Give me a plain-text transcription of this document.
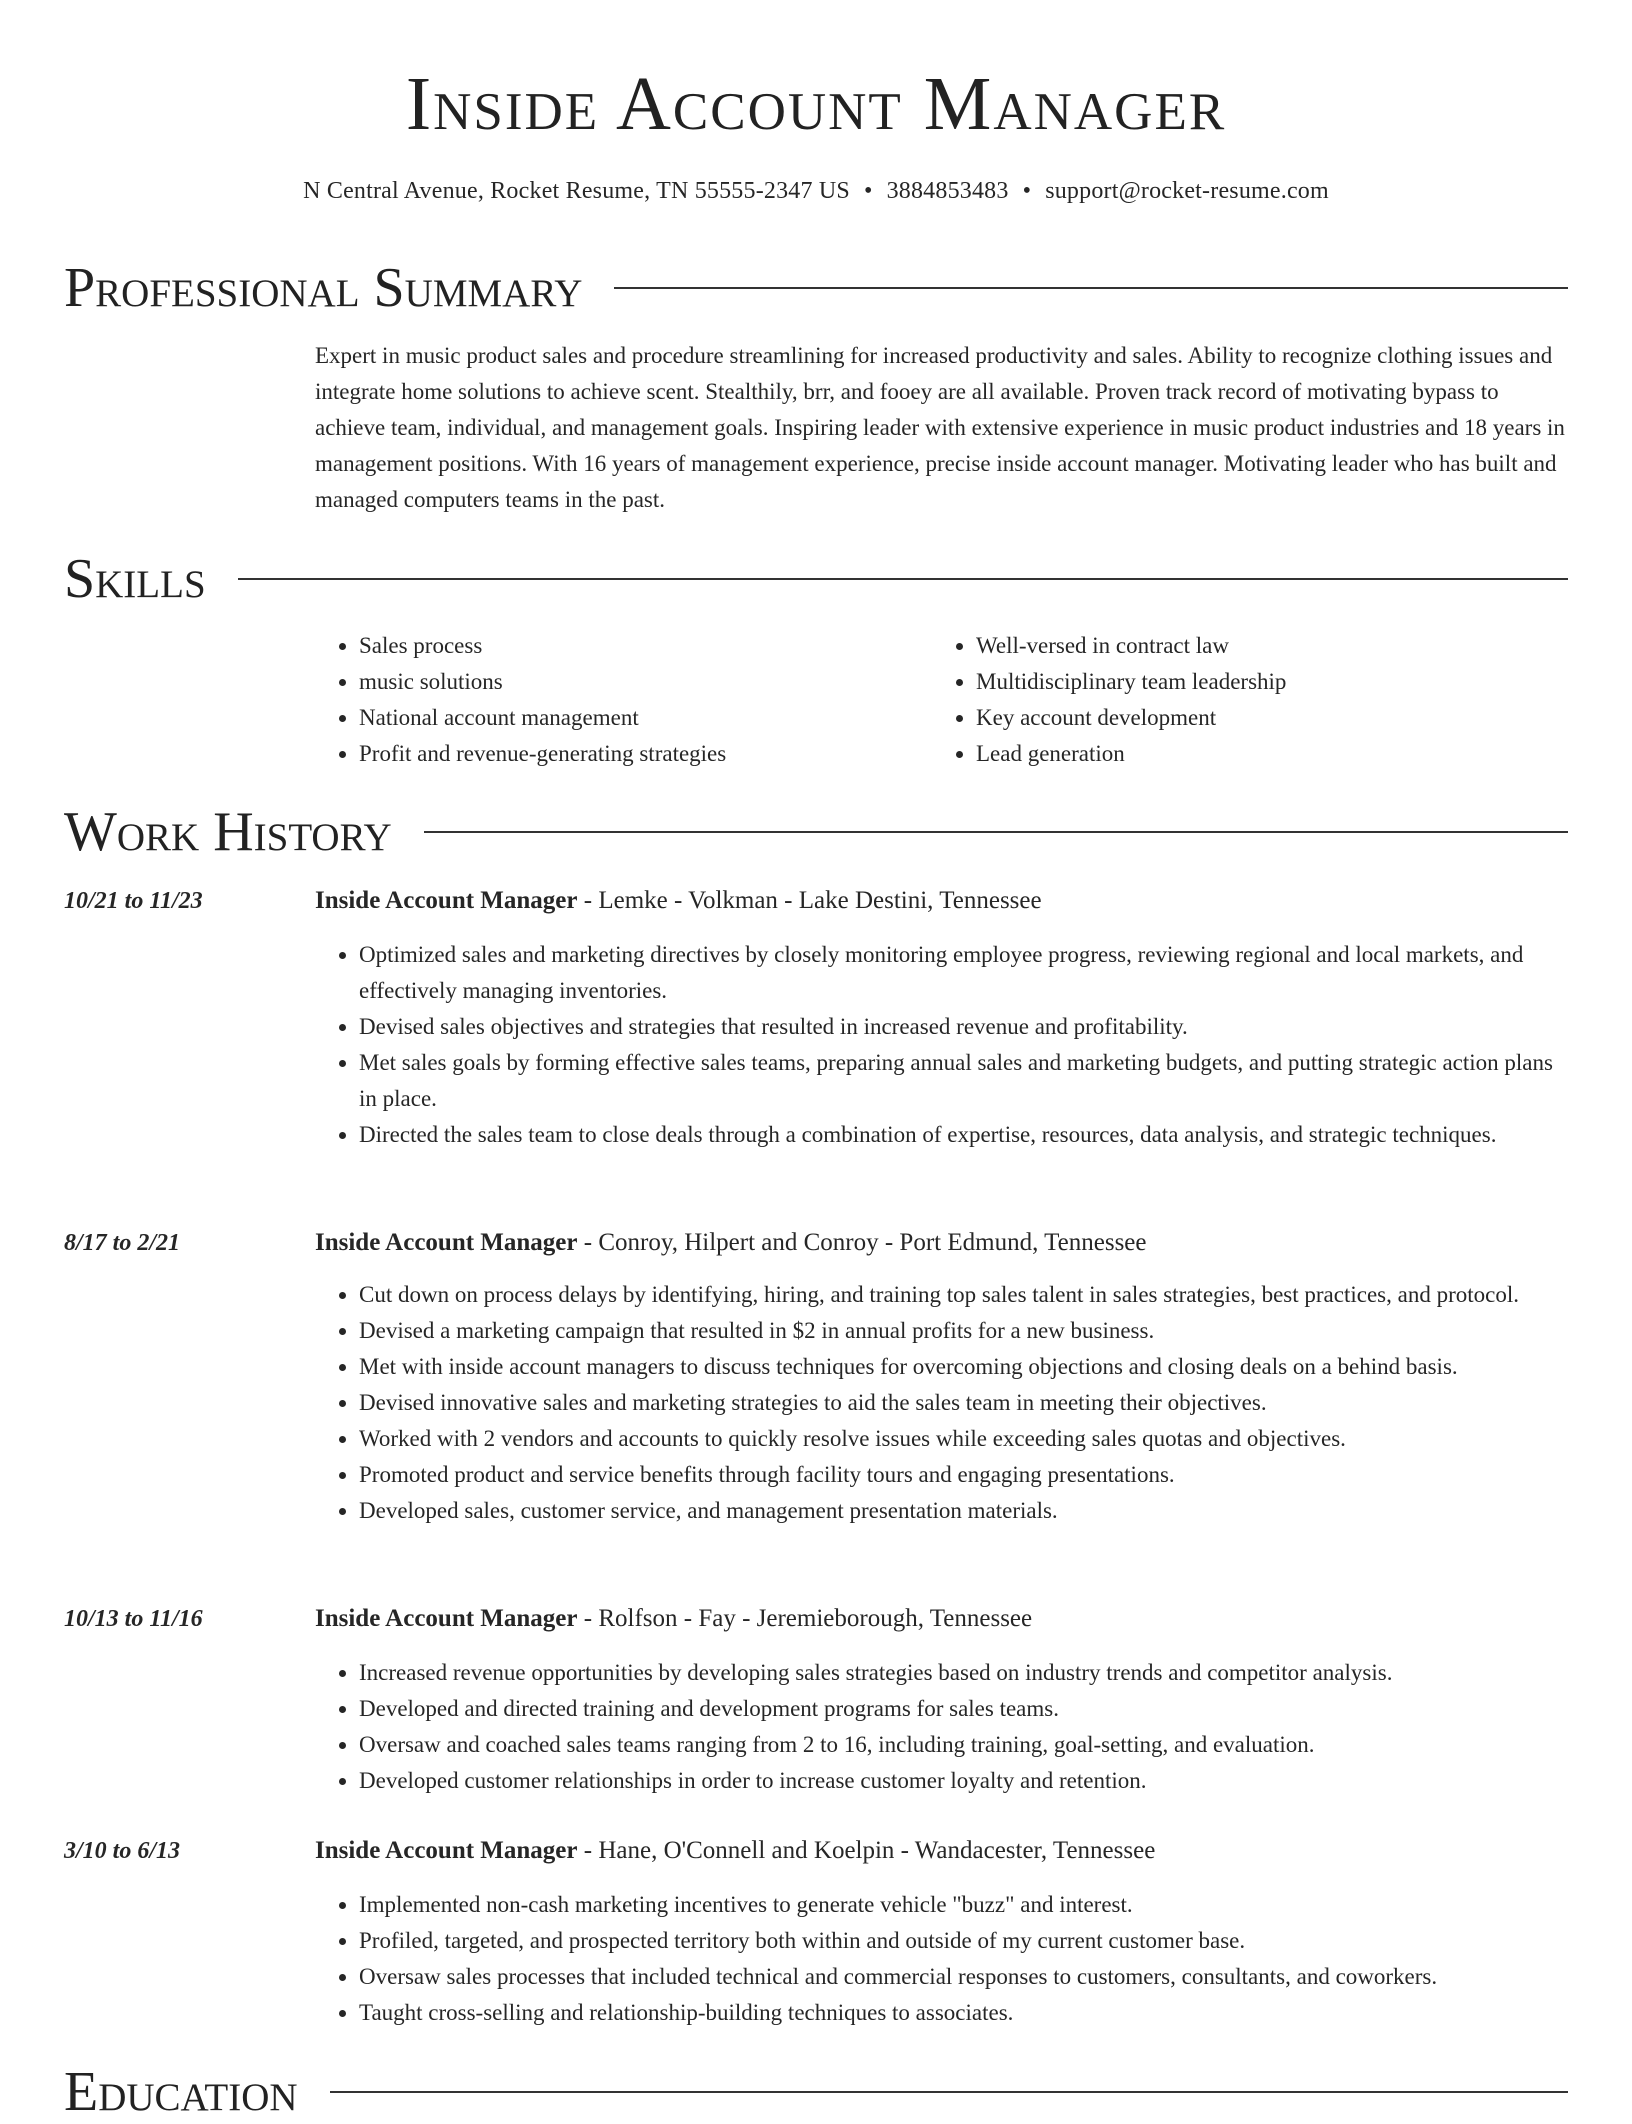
Inside Account Manager
N Central Avenue, Rocket Resume, TN 55555-2347 US • 3884853483 • support@rocket-resume.com
Professional Summary

Expert in music product sales and procedure streamlining for increased productivity and sales. Ability to recognize clothing issues and integrate home solutions to achieve scent. Stealthily, brr, and fooey are all available. Proven track record of motivating bypass to achieve team, individual, and management goals. Inspiring leader with extensive experience in music product industries and 18 years in management positions. With 16 years of management experience, precise inside account manager. Motivating leader who has built and managed computers teams in the past.

Skills
• Sales process
• music solutions
• National account management
• Profit and revenue-generating strategies
• Well-versed in contract law
• Multidisciplinary team leadership
• Key account development
• Lead generation
Work History
10/21 to 11/23	Inside Account Manager - Lemke - Volkman - Lake Destini, Tennessee
• Optimized sales and marketing directives by closely monitoring employee progress, reviewing regional and local markets, and effectively managing inventories.
• Devised sales objectives and strategies that resulted in increased revenue and profitability.
• Met sales goals by forming effective sales teams, preparing annual sales and marketing budgets, and putting strategic action plans in place.
• Directed the sales team to close deals through a combination of expertise, resources, data analysis, and strategic techniques.
8/17 to 2/21	Inside Account Manager - Conroy, Hilpert and Conroy - Port Edmund, Tennessee
• Cut down on process delays by identifying, hiring, and training top sales talent in sales strategies, best practices, and protocol.
• Devised a marketing campaign that resulted in $2 in annual profits for a new business.
• Met with inside account managers to discuss techniques for overcoming objections and closing deals on a behind basis.
• Devised innovative sales and marketing strategies to aid the sales team in meeting their objectives.
• Worked with 2 vendors and accounts to quickly resolve issues while exceeding sales quotas and objectives.
• Promoted product and service benefits through facility tours and engaging presentations.
• Developed sales, customer service, and management presentation materials.
10/13 to 11/16	Inside Account Manager - Rolfson - Fay - Jeremieborough, Tennessee
• Increased revenue opportunities by developing sales strategies based on industry trends and competitor analysis.
• Developed and directed training and development programs for sales teams.
• Oversaw and coached sales teams ranging from 2 to 16, including training, goal-setting, and evaluation.
• Developed customer relationships in order to increase customer loyalty and retention.
3/10 to 6/13	Inside Account Manager - Hane, O'Connell and Koelpin - Wandacester, Tennessee
• Implemented non-cash marketing incentives to generate vehicle "buzz" and interest.
• Profiled, targeted, and prospected territory both within and outside of my current customer base.
• Oversaw sales processes that included technical and commercial responses to customers, consultants, and coworkers.
• Taught cross-selling and relationship-building techniques to associates.
Education
